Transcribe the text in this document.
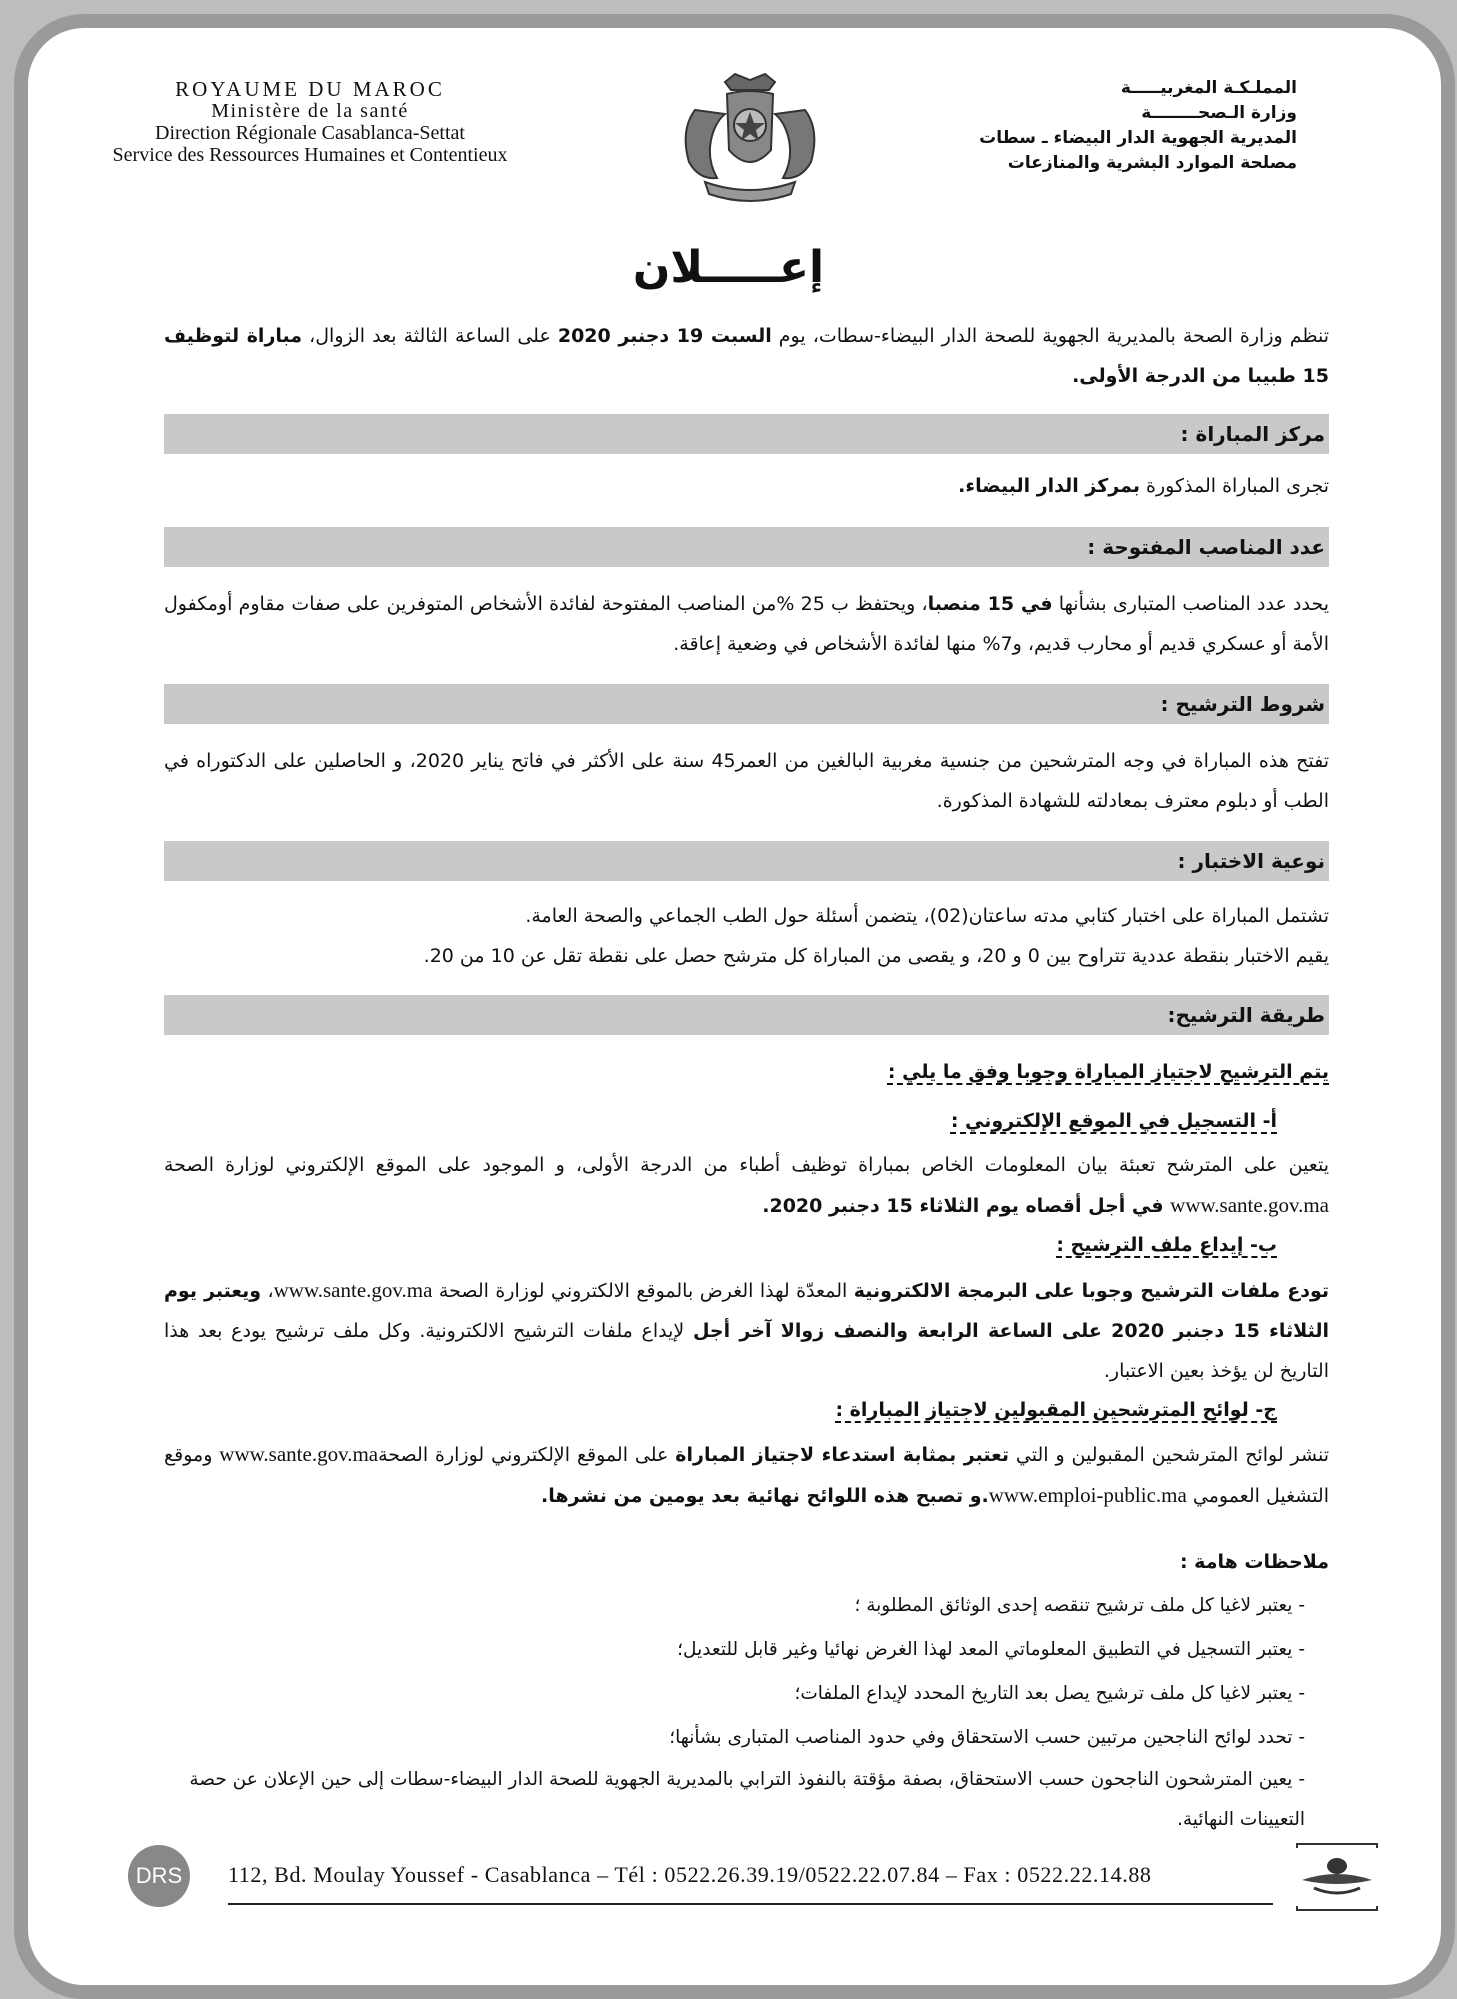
ROYAUME DU MAROC
Ministère de la santé
Direction Régionale Casablanca-Settat
Service des Ressources Humaines et Contentieux
المملـكـة المغربيـــــة
وزارة الـصحــــــــة
المديرية الجهوية الدار البيضاء ـ سطات
مصلحة الموارد البشرية والمنازعات
إعـــــلان
تنظم وزارة الصحة بالمديرية الجهوية للصحة الدار البيضاء-سطات، يوم السبت 19 دجنبر 2020 على الساعة الثالثة بعد الزوال، مباراة لتوظيف 15 طبيبا من الدرجة الأولى.
مركز المباراة :
تجرى المباراة المذكورة بمركز الدار البيضاء.
عدد المناصب المفتوحة :
يحدد عدد المناصب المتبارى بشأنها في 15 منصبا، ويحتفظ ب 25 %من المناصب المفتوحة لفائدة الأشخاص المتوفرين على صفات مقاوم أومكفول الأمة أو عسكري قديم أو محارب قديم، و7% منها لفائدة الأشخاص في وضعية إعاقة.
شروط الترشيح :
تفتح هذه المباراة في وجه المترشحين من جنسية مغربية البالغين من العمر45 سنة على الأكثر في فاتح يناير 2020، و الحاصلين على الدكتوراه في الطب أو دبلوم معترف بمعادلته للشهادة المذكورة.
نوعية الاختبار :
تشتمل المباراة على اختبار كتابي مدته ساعتان(02)، يتضمن أسئلة حول الطب الجماعي والصحة العامة.
يقيم الاختبار بنقطة عددية تتراوح بين 0 و 20، و يقصى من المباراة كل مترشح حصل على نقطة تقل عن 10 من 20.
طريقة الترشيح:
يتم الترشيح لاجتياز المباراة وجوبا وفق ما يلي :
أ- التسجيل في الموقع الإلكتروني :
يتعين على المترشح تعبئة بيان المعلومات الخاص بمباراة توظيف أطباء من الدرجة الأولى، و الموجود على الموقع الإلكتروني لوزارة الصحة www.sante.gov.ma في أجل أقصاه يوم الثلاثاء 15 دجنبر 2020.
ب- إيداع ملف الترشيح :
تودع ملفات الترشيح وجوبا على البرمجة الالكترونية المعدّة لهذا الغرض بالموقع الالكتروني لوزارة الصحة www.sante.gov.ma، ويعتبر يوم الثلاثاء 15 دجنبر 2020 على الساعة الرابعة والنصف زوالا آخر أجل لإيداع ملفات الترشيح الالكترونية. وكل ملف ترشيح يودع بعد هذا التاريخ لن يؤخذ بعين الاعتبار.
ج- لوائح المترشحين المقبولين لاجتياز المباراة :
تنشر لوائح المترشحين المقبولين و التي تعتبر بمثابة استدعاء لاجتياز المباراة على الموقع الإلكتروني لوزارة الصحةwww.sante.gov.ma وموقع التشغيل العمومي www.emploi-public.ma.و تصبح هذه اللوائح نهائية بعد يومين من نشرها.
ملاحظات هامة :
- يعتبر لاغيا كل ملف ترشيح تنقصه إحدى الوثائق المطلوبة ؛
- يعتبر التسجيل في التطبيق المعلوماتي المعد لهذا الغرض نهائيا وغير قابل للتعديل؛
- يعتبر لاغيا كل ملف ترشيح يصل بعد التاريخ المحدد لإيداع الملفات؛
- تحدد لوائح الناجحين مرتبين حسب الاستحقاق وفي حدود المناصب المتبارى بشأنها؛
- يعين المترشحون الناجحون حسب الاستحقاق، بصفة مؤقتة بالنفوذ الترابي بالمديرية الجهوية للصحة الدار البيضاء-سطات إلى حين الإعلان عن حصة التعيينات النهائية.
DRS	112, Bd. Moulay Youssef - Casablanca – Tél : 0522.26.39.19/0522.22.07.84 – Fax : 0522.22.14.88
